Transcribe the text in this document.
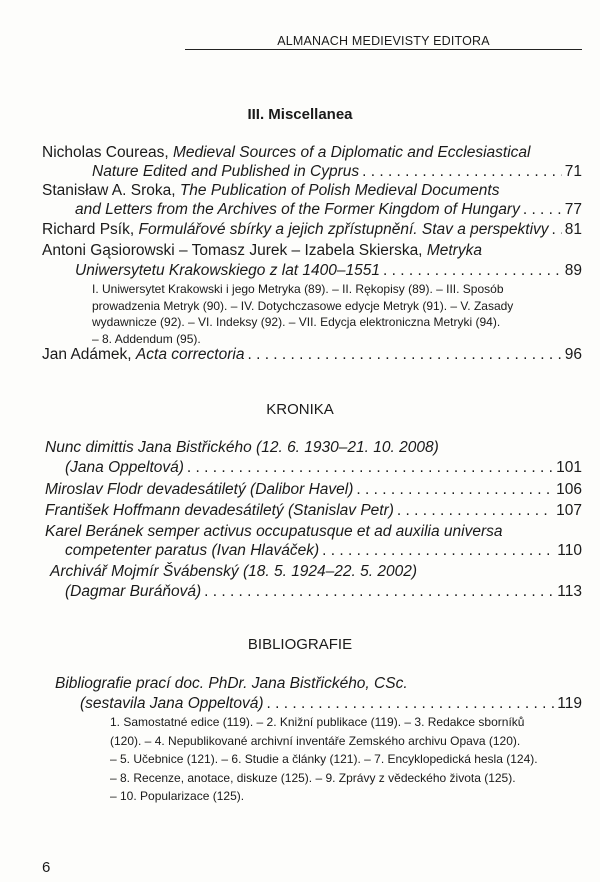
ALMANACH MEDIEVISTY EDITORA
III. Miscellanea
Nicholas Coureas, Medieval Sources of a Diplomatic and Ecclesiastical
Nature Edited and Published in Cyprus . . .	71
Stanisław A. Sroka, The Publication of Polish Medieval Documents
and Letters from the Archives of the Former Kingdom of Hungary . . .	77
Richard Psík, Formulářové sbírky a jejich zpřístupnění. Stav a perspektivy . . . 81
Antoni Gąsiorowski – Tomasz Jurek – Izabela Skierska, Metryka
Uniwersytetu Krakowskiego z lat 1400–1551 . . .	89
I. Uniwersytet Krakowski i jego Metryka (89). – II. Rękopisy (89). – III. Sposób
prowadzenia Metryk (90). – IV. Dotychczasowe edycje Metryk (91). – V. Zasady
wydawnicze (92). – VI. Indeksy (92). – VII. Edycja elektroniczna Metryki (94).
– 8. Addendum (95).
Jan Adámek, Acta correctoria . . .	96
KRONIKA
Nunc dimittis Jana Bistřického (12. 6. 1930–21. 10. 2008)
(Jana Oppeltová) . . .	101
Miroslav Flodr devadesátiletý (Dalibor Havel) . . .	106
František Hoffmann devadesátiletý (Stanislav Petr) . . .	107
Karel Beránek semper activus occupatusque et ad auxilia universa
competenter paratus (Ivan Hlaváček) . . .	110
Archivář Mojmír Švábenský (18. 5. 1924–22. 5. 2002)
(Dagmar Buráňová) . . .	113
BIBLIOGRAFIE
Bibliografie prací doc. PhDr. Jana Bistřického, CSc.
(sestavila Jana Oppeltová) . . .	119
1. Samostatné edice (119). – 2. Knižní publikace (119). – 3. Redakce sborníků
(120). – 4. Nepublikované archivní inventáře Zemského archivu Opava (120).
– 5. Učebnice (121). – 6. Studie a články (121). – 7. Encyklopedická hesla (124).
– 8. Recenze, anotace, diskuze (125). – 9. Zprávy z vědeckého života (125).
– 10. Popularizace (125).
6
